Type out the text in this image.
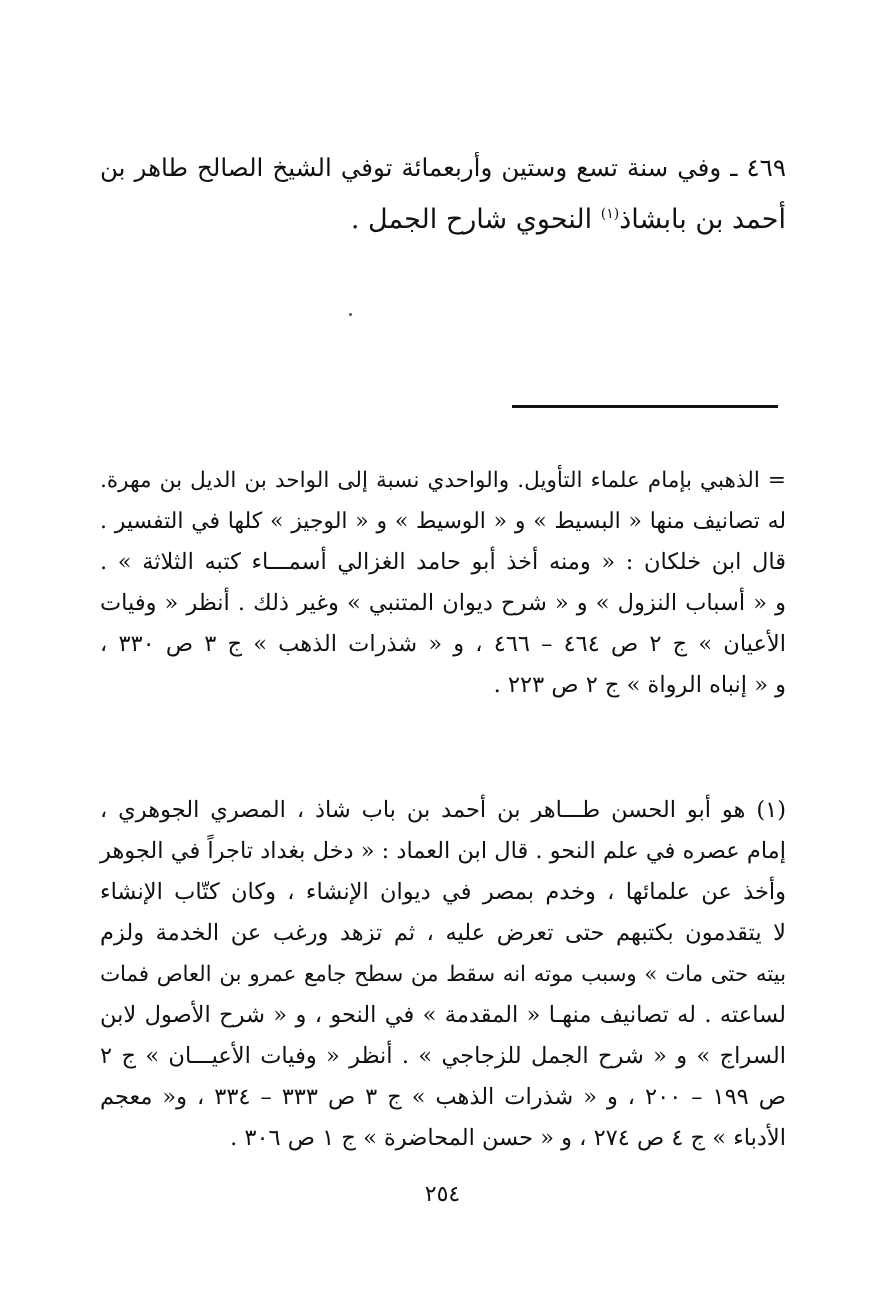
٤٦٩ ـ وفي سنة تسع وستين وأربعمائة توفي الشيخ الصالح طاهر بن
أحمد بن بابشاذ$^{(١)}$ النحوي شارح الجمل .
= الذهبي بإمام علماء التأويل. والواحدي نسبة إلى الواحد بن الديل بن مهرة.
له تصانيف منها « البسيط » و « الوسيط » و « الوجيز » كلها في التفسير .
قال ابن خلكان : « ومنه أخذ أبو حامد الغزالي أسمـــاء كتبه الثلاثة » .
و « أسباب النزول » و « شرح ديوان المتنبي » وغير ذلك . أنظر « وفيات
الأعيان » ج ٢ ص ٤٦٤ – ٤٦٦ ، و « شذرات الذهب » ج ٣ ص ٣٣٠ ،
و « إنباه الرواة » ج ٢ ص ٢٢٣ .
(١) هو أبو الحسن طـــاهر بن أحمد بن باب شاذ ، المصري الجوهري ،
إمام عصره في علم النحو . قال ابن العماد : « دخل بغداد تاجراً في الجوهر
وأخذ عن علمائها ، وخدم بمصر في ديوان الإنشاء ، وكان كتّاب الإنشاء
لا يتقدمون بكتبهم حتى تعرض عليه ، ثم تزهد ورغب عن الخدمة ولزم
بيته حتى مات » وسبب موته انه سقط من سطح جامع عمرو بن العاص فمات
لساعته . له تصانيف منهـا « المقدمة » في النحو ، و « شرح الأصول لابن
السراج » و « شرح الجمل للزجاجي » . أنظر « وفيات الأعيـــان » ج ٢
ص ١٩٩ – ٢٠٠ ، و « شذرات الذهب » ج ٣ ص ٣٣٣ – ٣٣٤ ، و« معجم
الأدباء » ج ٤ ص ٢٧٤ ، و « حسن المحاضرة » ج ١ ص ٣٠٦ .
٢٥٤
